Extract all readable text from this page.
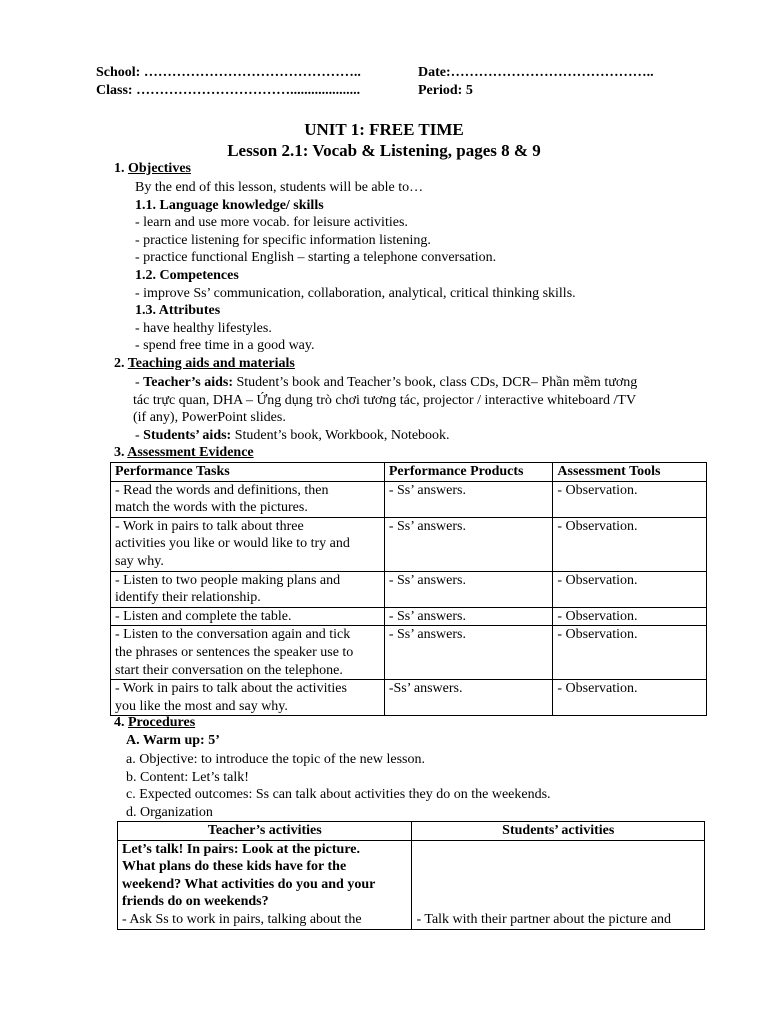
School: ………………………………………..	Date:……………………………………..
Class: ……………………………....................	Period: 5
UNIT 1: FREE TIME
Lesson 2.1: Vocab & Listening, pages 8 & 9
1. Objectives
By the end of this lesson, students will be able to…
1.1. Language knowledge/ skills
- learn and use more vocab. for leisure activities.
- practice listening for specific information listening.
- practice functional English – starting a telephone conversation.
1.2. Competences
- improve Ss’ communication, collaboration, analytical, critical thinking skills.
1.3. Attributes
- have healthy lifestyles.
- spend free time in a good way.
2. Teaching aids and materials
- Teacher’s aids: Student’s book and Teacher’s book, class CDs, DCR– Phần mềm tương
tác trực quan, DHA – Ứng dụng trò chơi tương tác, projector / interactive whiteboard /TV
(if any), PowerPoint slides.
- Students’ aids: Student’s book, Workbook, Notebook.
3. Assessment Evidence
Performance Tasks	Performance Products	Assessment Tools

- Read the words and definitions, then
match the words with the pictures.	- Ss’ answers.	- Observation.

- Work in pairs to talk about three
activities you like or would like to try and
say why.	- Ss’ answers.	- Observation.

- Listen to two people making plans and
identify their relationship.	- Ss’ answers.	- Observation.

- Listen and complete the table.	- Ss’ answers.	- Observation.

- Listen to the conversation again and tick
the phrases or sentences the speaker use to
start their conversation on the telephone.	- Ss’ answers.	- Observation.

- Work in pairs to talk about the activities
you like the most and say why.	-Ss’ answers.	- Observation.
4. Procedures
A. Warm up: 5’
a. Objective: to introduce the topic of the new lesson.
b. Content: Let’s talk!
c. Expected outcomes: Ss can talk about activities they do on the weekends.
d. Organization
Teacher’s activities	Students’ activities

Let’s talk! In pairs: Look at the picture.
What plans do these kids have for the
weekend? What activities do you and your
friends do on weekends?
- Ask Ss to work in pairs, talking about the	- Talk with their partner about the picture and
